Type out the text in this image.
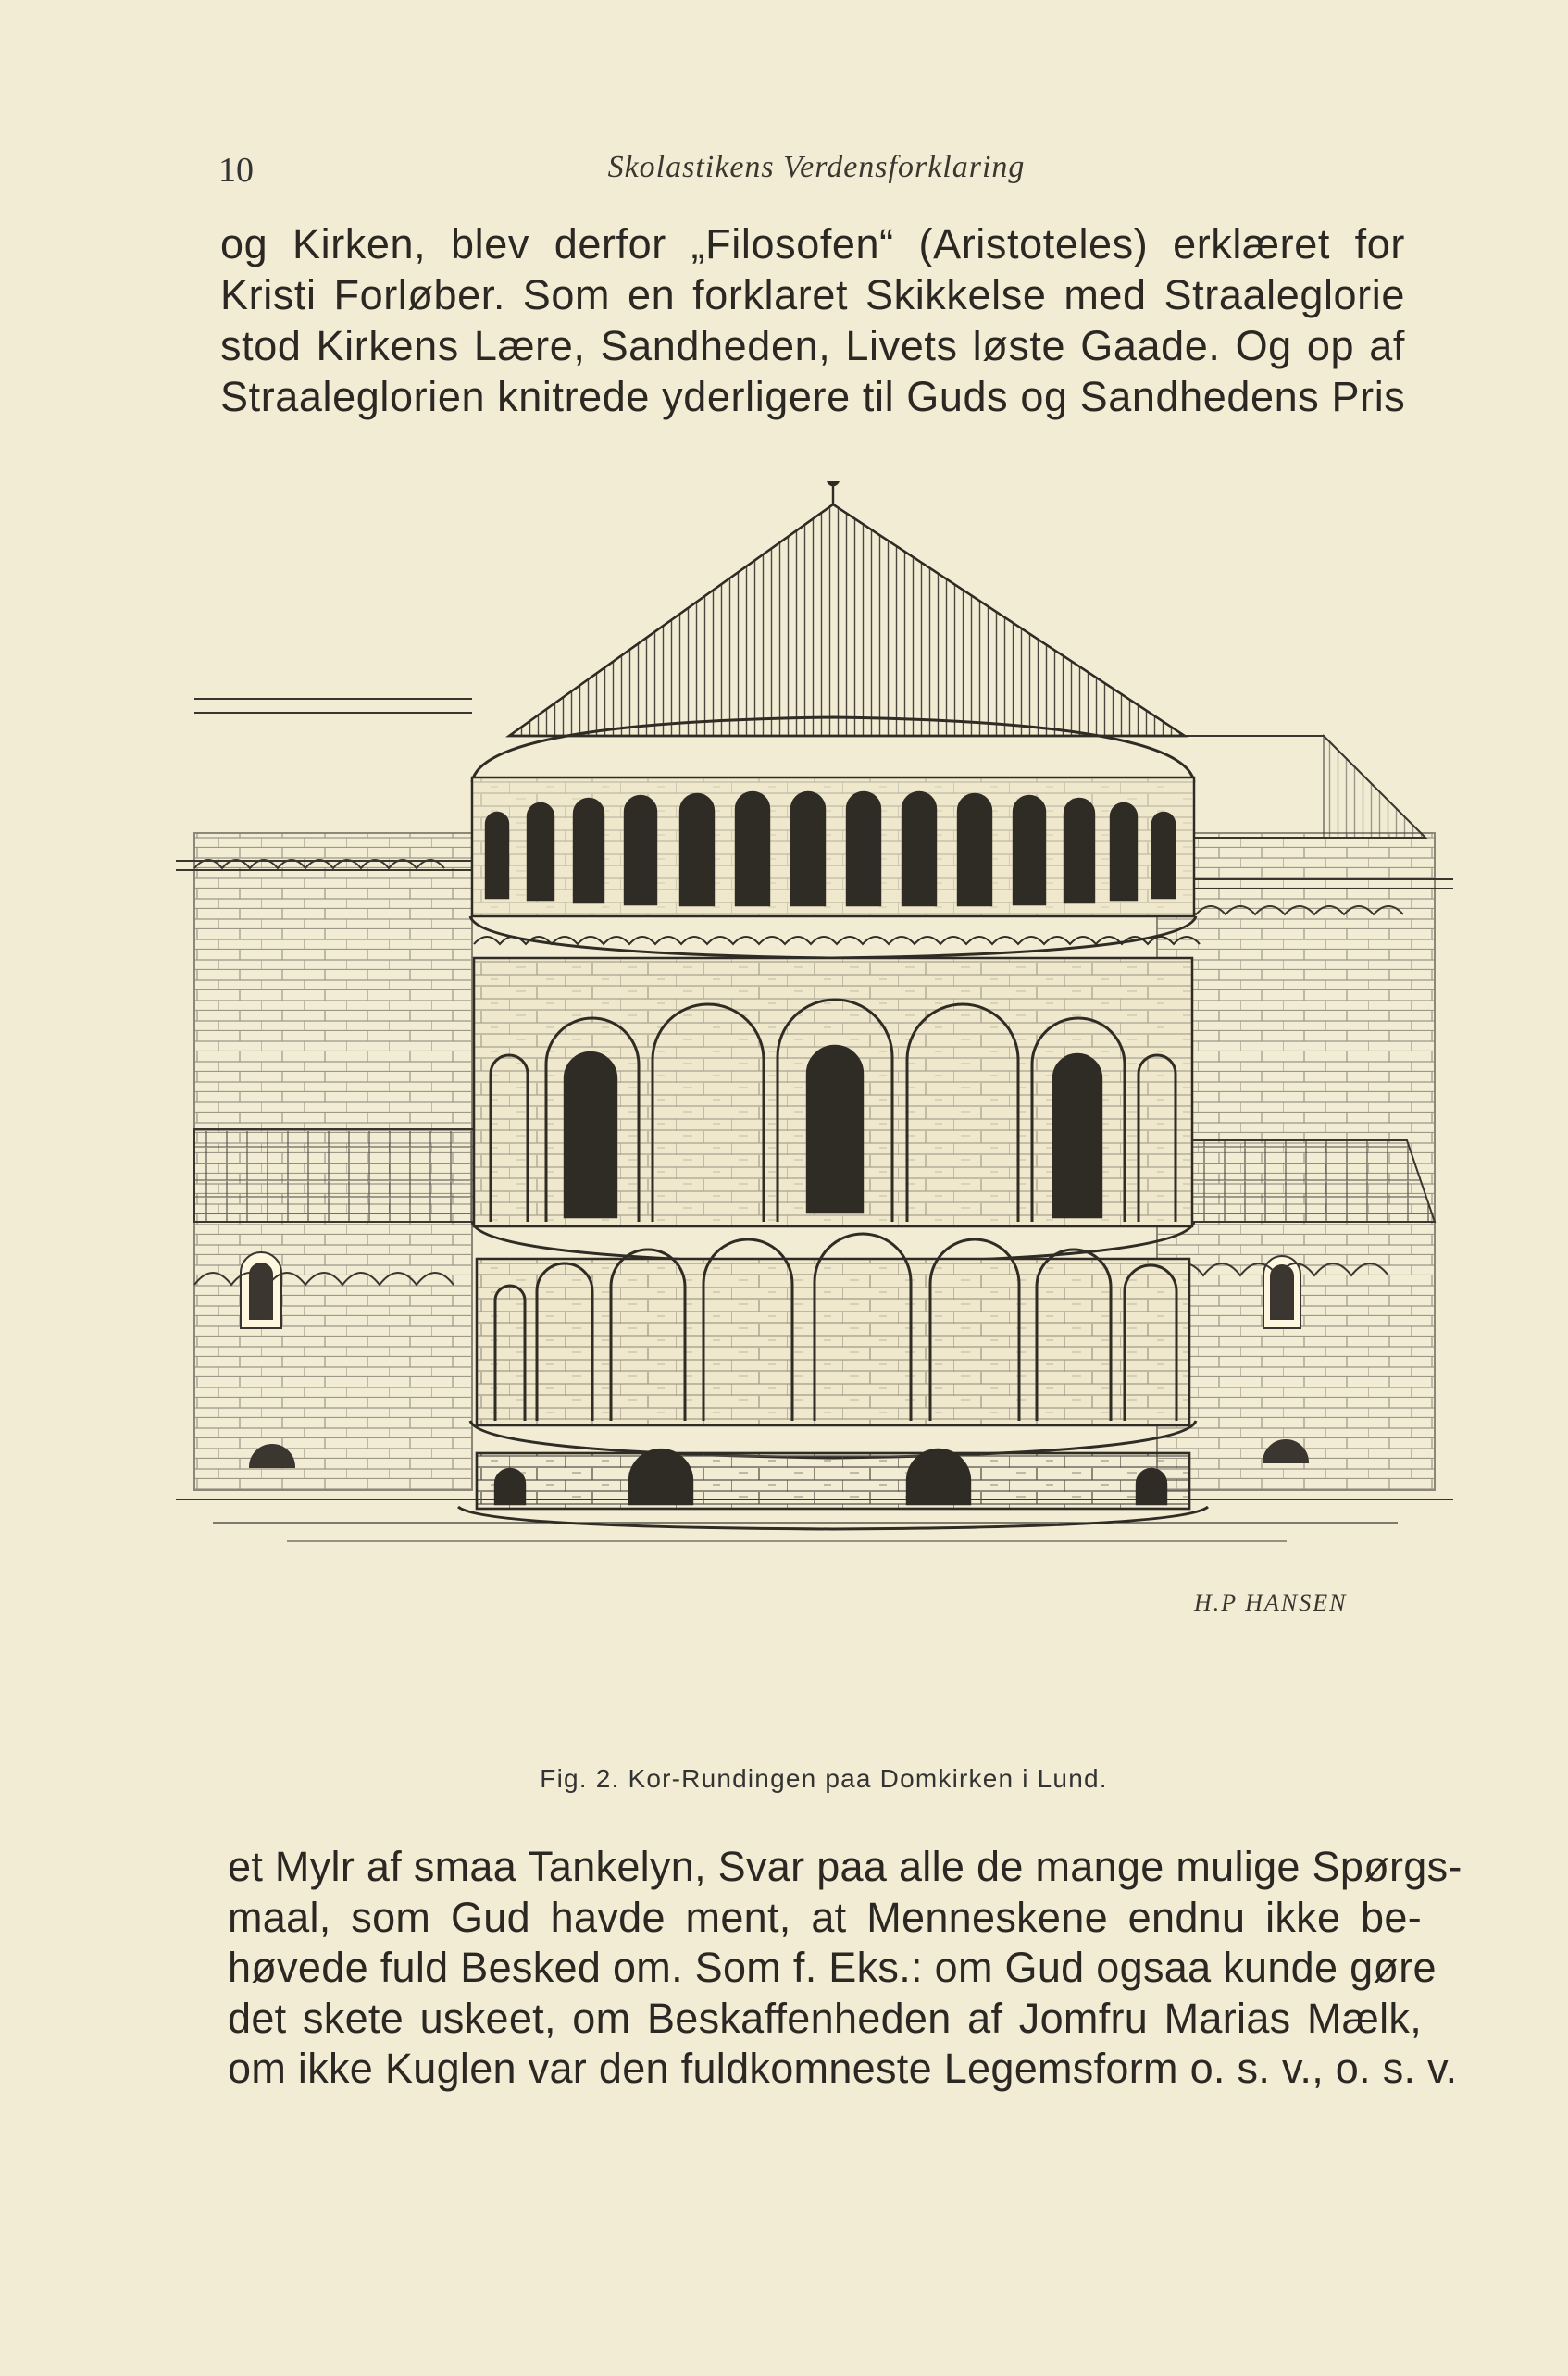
10	Skolastikens Verdensforklaring
og Kirken, blev derfor „Filosofen“ (Aristoteles) erklæret for
Kristi Forløber. Som en forklaret Skikkelse med Straaleglorie
stod Kirkens Lære, Sandheden, Livets løste Gaade. Og op af
Straaleglorien knitrede yderligere til Guds og Sandhedens Pris
H.P HANSEN
Fig. 2. Kor-Rundingen paa Domkirken i Lund.
et Mylr af smaa Tankelyn, Svar paa alle de mange mulige Spørgs-
maal, som Gud havde ment, at Menneskene endnu ikke be-
høvede fuld Besked om. Som f. Eks.: om Gud ogsaa kunde gøre
det skete uskeet, om Beskaffenheden af Jomfru Marias Mælk,
om ikke Kuglen var den fuldkomneste Legemsform o. s. v., o. s. v.
